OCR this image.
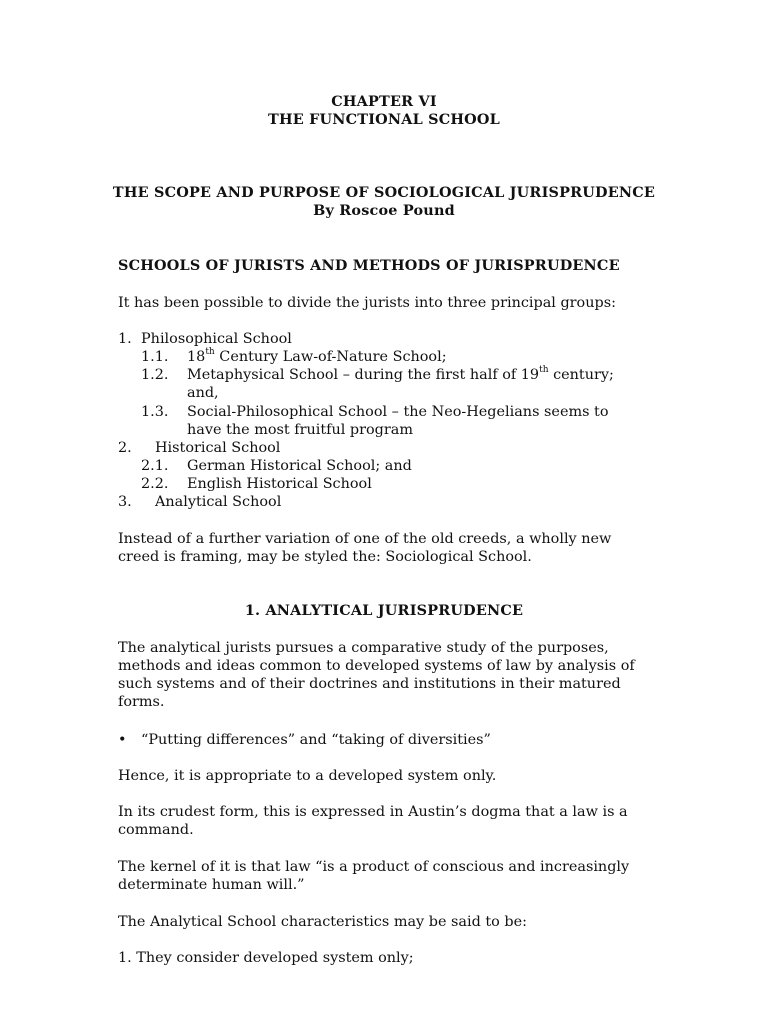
CHAPTER VI
THE FUNCTIONAL SCHOOL
THE SCOPE AND PURPOSE OF SOCIOLOGICAL JURISPRUDENCE
By Roscoe Pound
SCHOOLS OF JURISTS AND METHODS OF JURISPRUDENCE
It has been possible to divide the jurists into three principal groups:
1. Philosophical School
1.1. 18th Century Law-of-Nature School;
1.2. Metaphysical School – during the first half of 19th century;
and,
1.3. Social-Philosophical School – the Neo-Hegelians seems to
have the most fruitful program
2. Historical School
2.1. German Historical School; and
2.2. English Historical School
3. Analytical School
Instead of a further variation of one of the old creeds, a wholly new
creed is framing, may be styled the: Sociological School.
1. ANALYTICAL JURISPRUDENCE
The analytical jurists pursues a comparative study of the purposes,
methods and ideas common to developed systems of law by analysis of
such systems and of their doctrines and institutions in their matured
forms.
• “Putting differences” and “taking of diversities”
Hence, it is appropriate to a developed system only.
In its crudest form, this is expressed in Austin’s dogma that a law is a
command.
The kernel of it is that law “is a product of conscious and increasingly
determinate human will.”
The Analytical School characteristics may be said to be:
1. They consider developed system only;
